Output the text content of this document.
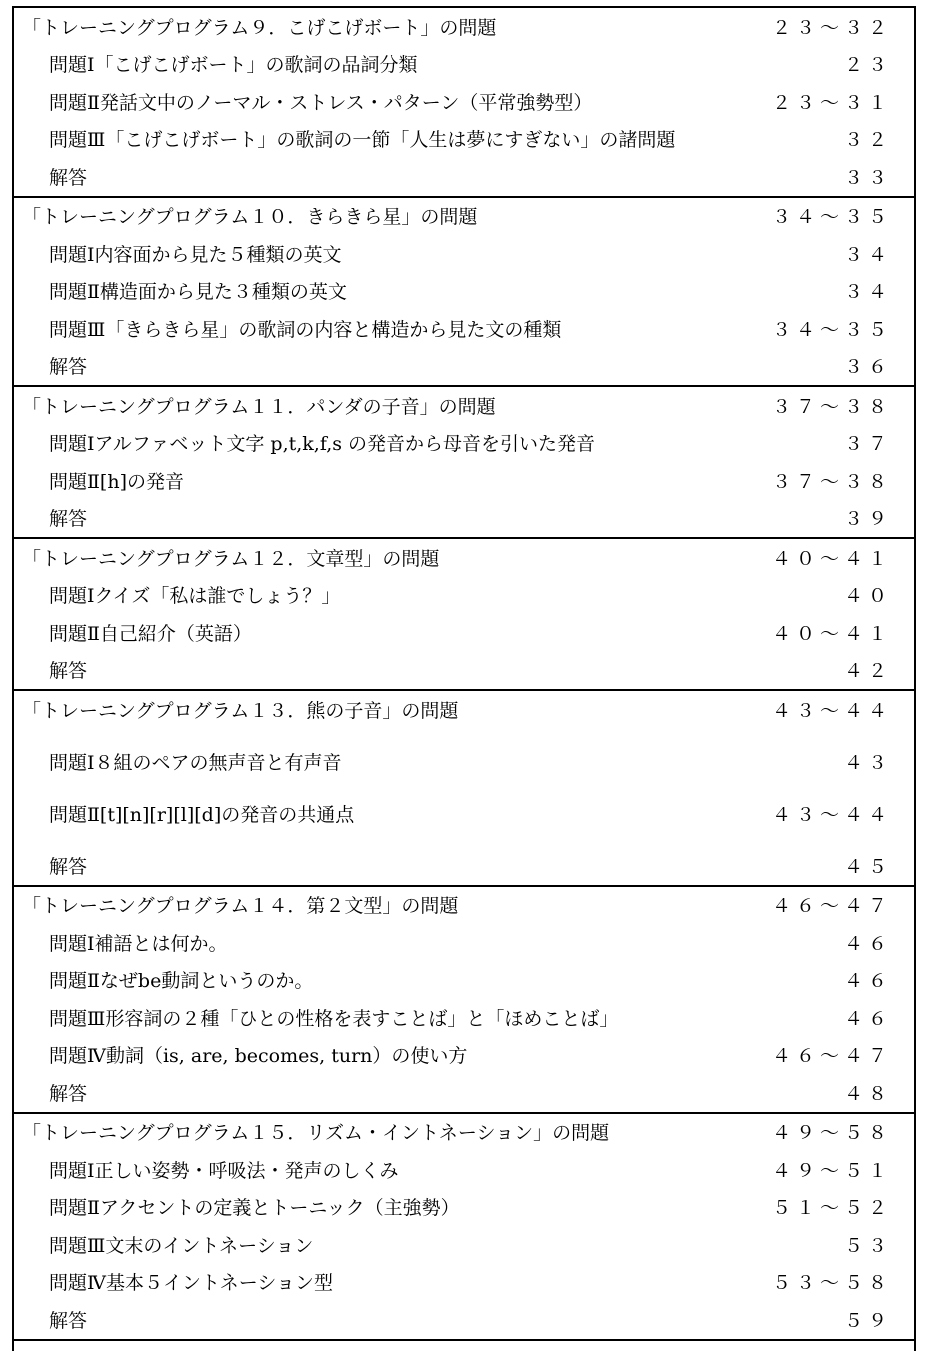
「トレーニングプログラム９．こげこげボート」の問題	２３～３２
問題Ⅰ「こげこげボート」の歌詞の品詞分類	２３
問題Ⅱ発話文中のノーマル・ストレス・パターン（平常強勢型）	２３～３１
問題Ⅲ「こげこげボート」の歌詞の一節「人生は夢にすぎない」の諸問題	３２
解答	３３
「トレーニングプログラム１０．きらきら星」の問題	３４～３５
問題Ⅰ内容面から見た５種類の英文	３４
問題Ⅱ構造面から見た３種類の英文	３４
問題Ⅲ「きらきら星」の歌詞の内容と構造から見た文の種類	３４～３５
解答	３６
「トレーニングプログラム１１．パンダの子音」の問題	３７～３８
問題Ⅰアルファベット文字 p,t,k,f,s の発音から母音を引いた発音	３７
問題Ⅱ[h]の発音	３７～３８
解答	３９
「トレーニングプログラム１２．文章型」の問題	４０～４１
問題Ⅰクイズ「私は誰でしょう？」	４０
問題Ⅱ自己紹介（英語）	４０～４１
解答	４２
「トレーニングプログラム１３．熊の子音」の問題	４３～４４
問題Ⅰ８組のペアの無声音と有声音	４３
問題Ⅱ[t][n][r][l][d]の発音の共通点	４３～４４
解答	４５
「トレーニングプログラム１４．第２文型」の問題	４６～４７
問題Ⅰ補語とは何か。	４６
問題Ⅱなぜbe動詞というのか。	４６
問題Ⅲ形容詞の２種「ひとの性格を表すことば」と「ほめことば」	４６
問題Ⅳ動詞（is, are, becomes, turn）の使い方	４６～４７
解答	４８
「トレーニングプログラム１５．リズム・イントネーション」の問題	４９～５８
問題Ⅰ正しい姿勢・呼吸法・発声のしくみ	４９～５１
問題Ⅱアクセントの定義とトーニック（主強勢）	５１～５２
問題Ⅲ文末のイントネーション	５３
問題Ⅳ基本５イントネーション型	５３～５８
解答	５９
